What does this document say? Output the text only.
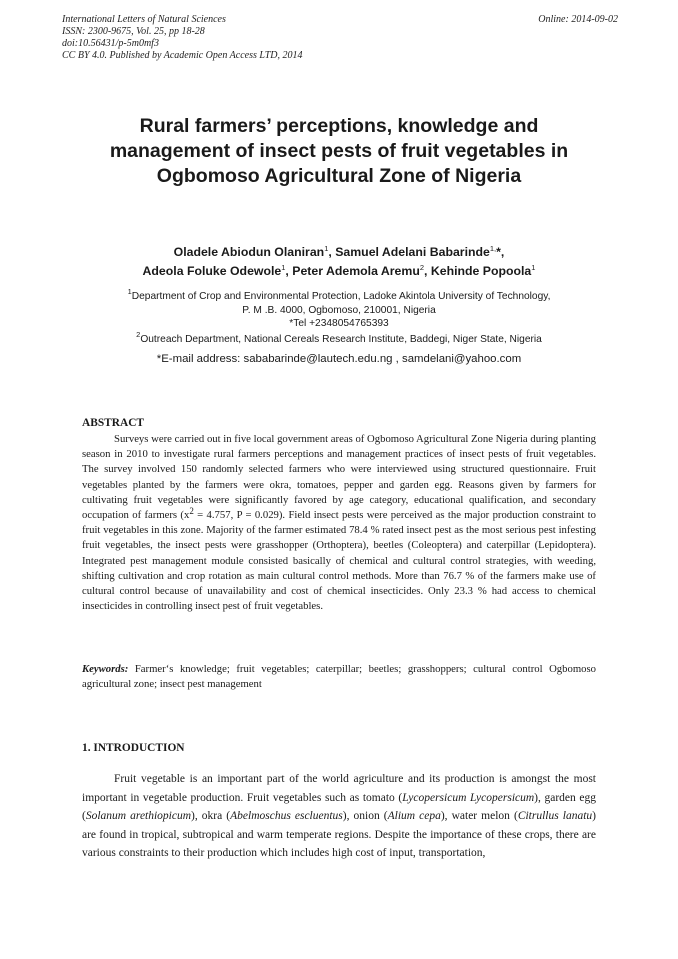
International Letters of Natural Sciences
ISSN: 2300-9675, Vol. 25, pp 18-28
doi:10.56431/p-5m0mf3
CC BY 4.0. Published by Academic Open Access LTD, 2014
Online: 2014-09-02
Rural farmers’ perceptions, knowledge and
management of insect pests of fruit vegetables in
Ogbomoso Agricultural Zone of Nigeria
Oladele Abiodun Olaniran$^1$, Samuel Adelani Babarinde$^{1,}$*,
Adeola Foluke Odewole$^1$, Peter Ademola Aremu$^2$, Kehinde Popoola$^1$
$^1$Department of Crop and Environmental Protection, Ladoke Akintola University of Technology,
P. M .B. 4000, Ogbomoso, 210001, Nigeria
*Tel +2348054765393
$^2$Outreach Department, National Cereals Research Institute, Baddegi, Niger State, Nigeria
*E-mail address: sababarinde@lautech.edu.ng , samdelani@yahoo.com
ABSTRACT

Surveys were carried out in five local government areas of Ogbomoso Agricultural Zone Nigeria during planting season in 2010 to investigate rural farmers perceptions and management practices of insect pests of fruit vegetables. The survey involved 150 randomly selected farmers who were interviewed using structured questionnaire. Fruit vegetables planted by the farmers were okra, tomatoes, pepper and garden egg. Reasons given by farmers for cultivating fruit vegetables were significantly favored by age category, educational qualification, and secondary occupation of farmers ($x^2 = 4.757$, P = 0.029). Field insect pests were perceived as the major production constraint to fruit vegetables in this zone. Majority of the farmer estimated 78.4 % rated insect pest as the most serious pest infesting fruit vegetables, the insect pests were grasshopper (Orthoptera), beetles (Coleoptera) and caterpillar (Lepidoptera). Integrated pest management module consisted basically of chemical and cultural control strategies, with weeding, shifting cultivation and crop rotation as main cultural control methods. More than 76.7 % of the farmers make use of cultural control because of unavailability and cost of chemical insecticides. Only 23.3 % had access to chemical insecticides in controlling insect pest of fruit vegetables.

Keywords: Farmer‘s knowledge; fruit vegetables; caterpillar; beetles; grasshoppers; cultural control Ogbomoso agricultural zone; insect pest management

1. INTRODUCTION

Fruit vegetable is an important part of the world agriculture and its production is amongst the most important in vegetable production. Fruit vegetables such as tomato (Lycopersicum Lycopersicum), garden egg (Solanum arethiopicum), okra (Abelmoschus escluentus), onion (Alium cepa), water melon (Citrullus lanatu) are found in tropical, subtropical and warm temperate regions. Despite the importance of these crops, there are various constraints to their production which includes high cost of input, transportation,
